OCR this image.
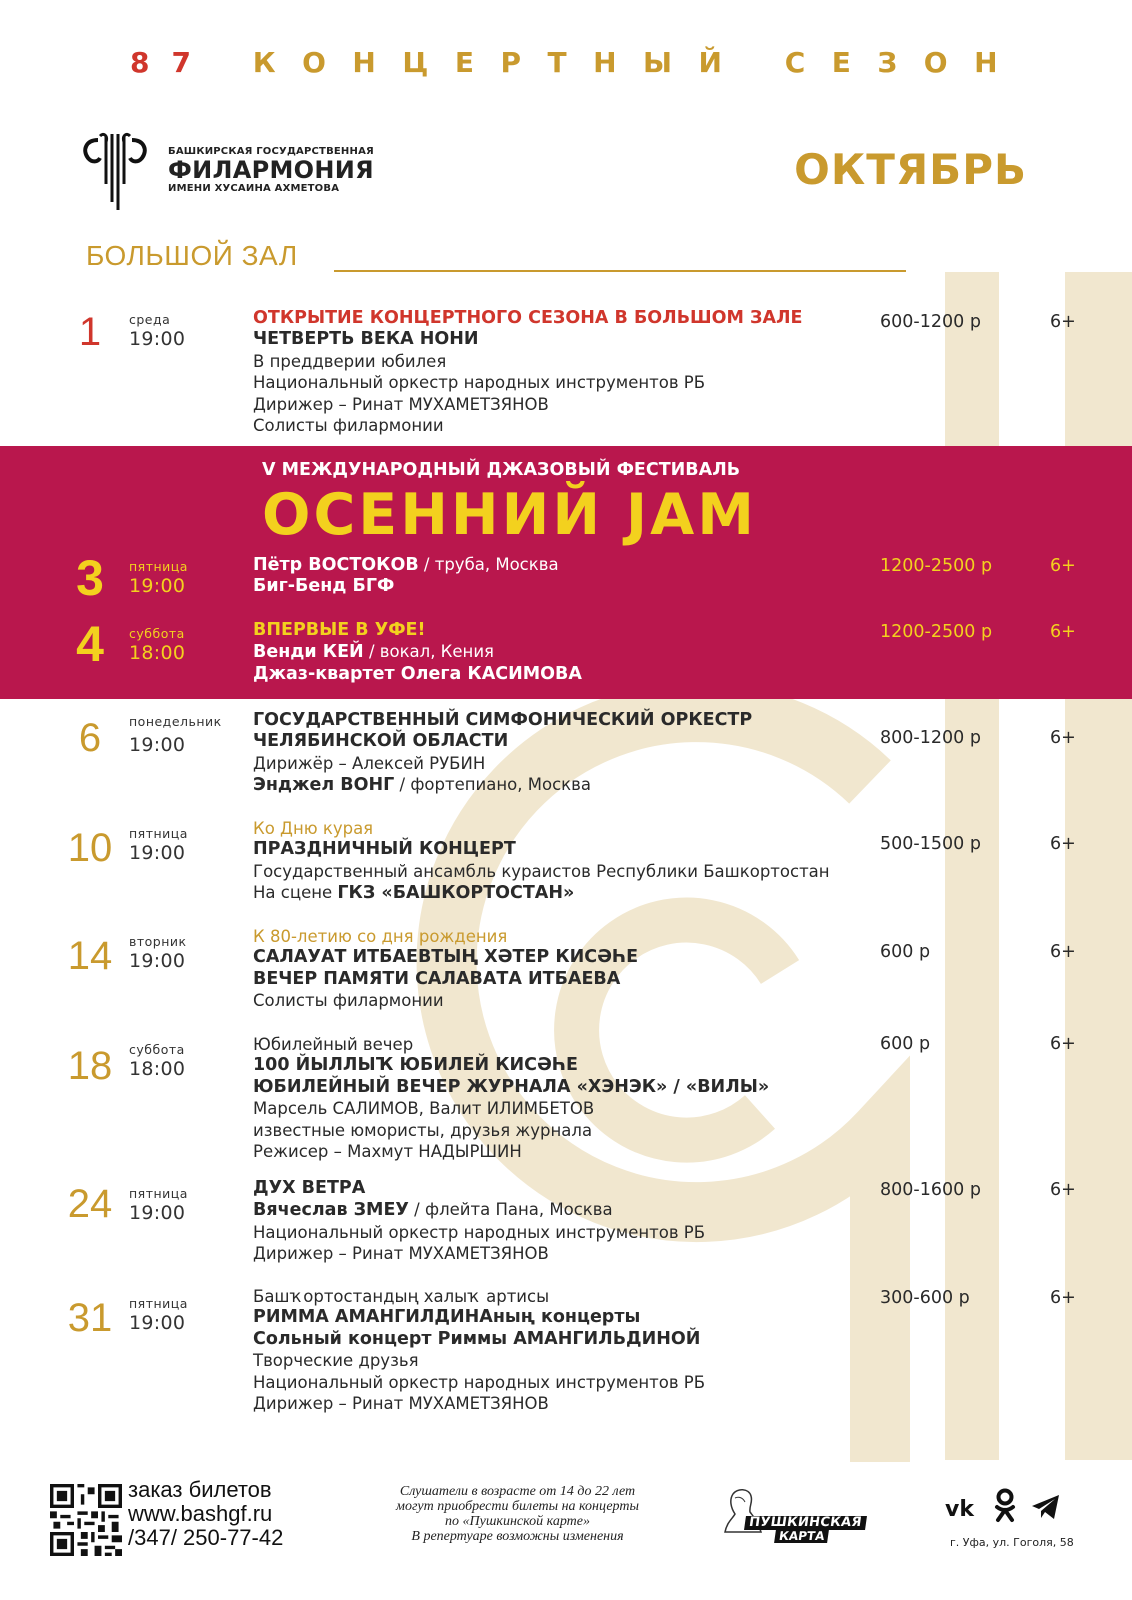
87 КОНЦЕРТНЫЙ СЕЗОН
БАШКИРСКАЯ ГОСУДАРСТВЕННАЯ
ФИЛАРМОНИЯ
ИМЕНИ ХУСАИНА АХМЕТОВА	ОКТЯБРЬ
БОЛЬШОЙ ЗАЛ
1	среда
19:00
ОТКРЫТИЕ КОНЦЕРТНОГО СЕЗОНА В БОЛЬШОМ ЗАЛЕ
ЧЕТВЕРТЬ ВЕКА НОНИ
В преддверии юбилея
Национальный оркестр народных инструментов РБ
Дирижер – Ринат МУХАМЕТЗЯНОВ
Солисты филармонии
600-1200 р	6+
V МЕЖДУНАРОДНЫЙ ДЖАЗОВЫЙ ФЕСТИВАЛЬ
ОСЕННИЙ JAM
3	пятница
19:00
Пётр ВОСТОКОВ / труба, Москва
Биг-Бенд БГФ
1200-2500 р	6+
4	суббота
18:00
ВПЕРВЫЕ В УФЕ!
Венди КЕЙ / вокал, Кения
Джаз-квартет Олега КАСИМОВА
1200-2500 р	6+
6	понедельник
19:00
ГОСУДАРСТВЕННЫЙ СИМФОНИЧЕСКИЙ ОРКЕСТР
ЧЕЛЯБИНСКОЙ ОБЛАСТИ
Дирижёр – Алексей РУБИН
Энджел ВОНГ / фортепиано, Москва
800-1200 р	6+
10	пятница
19:00
Ко Дню курая
ПРАЗДНИЧНЫЙ КОНЦЕРТ
Государственный ансамбль кураистов Республики Башкортостан
На сцене ГКЗ «БАШКОРТОСТАН»
500-1500 р	6+
14	вторник
19:00
К 80-летию со дня рождения
САЛАУАТ ИТБАЕВТЫҢ ХӘТЕР КИСӘҺЕ
ВЕЧЕР ПАМЯТИ САЛАВАТА ИТБАЕВА
Солисты филармонии
600 р	6+
18	суббота
18:00
Юбилейный вечер
100 ЙЫЛЛЫҠ ЮБИЛЕЙ КИСӘҺЕ
ЮБИЛЕЙНЫЙ ВЕЧЕР ЖУРНАЛА «ХЭНЭК» / «ВИЛЫ»
Марсель САЛИМОВ, Валит ИЛИМБЕТОВ
известные юмористы, друзья журнала
Режисер – Махмут НАДЫРШИН
600 р	6+
24	пятница
19:00
ДУХ ВЕТРА
Вячеслав ЗМЕУ / флейта Пана, Москва
Национальный оркестр народных инструментов РБ
Дирижер – Ринат МУХАМЕТЗЯНОВ
800-1600 р	6+
31	пятница
19:00
Башҡортостандың халыҡ артисы
РИММА АМАНГИЛДИНАның концерты
Сольный концерт Риммы АМАНГИЛЬДИНОЙ
Творческие друзья
Национальный оркестр народных инструментов РБ
Дирижер – Ринат МУХАМЕТЗЯНОВ
300-600 р	6+
заказ билетов
www.bashgf.ru
/347/ 250-77-42
Слушатели в возрасте от 14 до 22 лет
могут приобрести билеты на концерты
по «Пушкинской карте»
В репертуаре возможны изменения
ПУШКИНСКАЯ
КАРТА
vk
г. Уфа, ул. Гоголя, 58
